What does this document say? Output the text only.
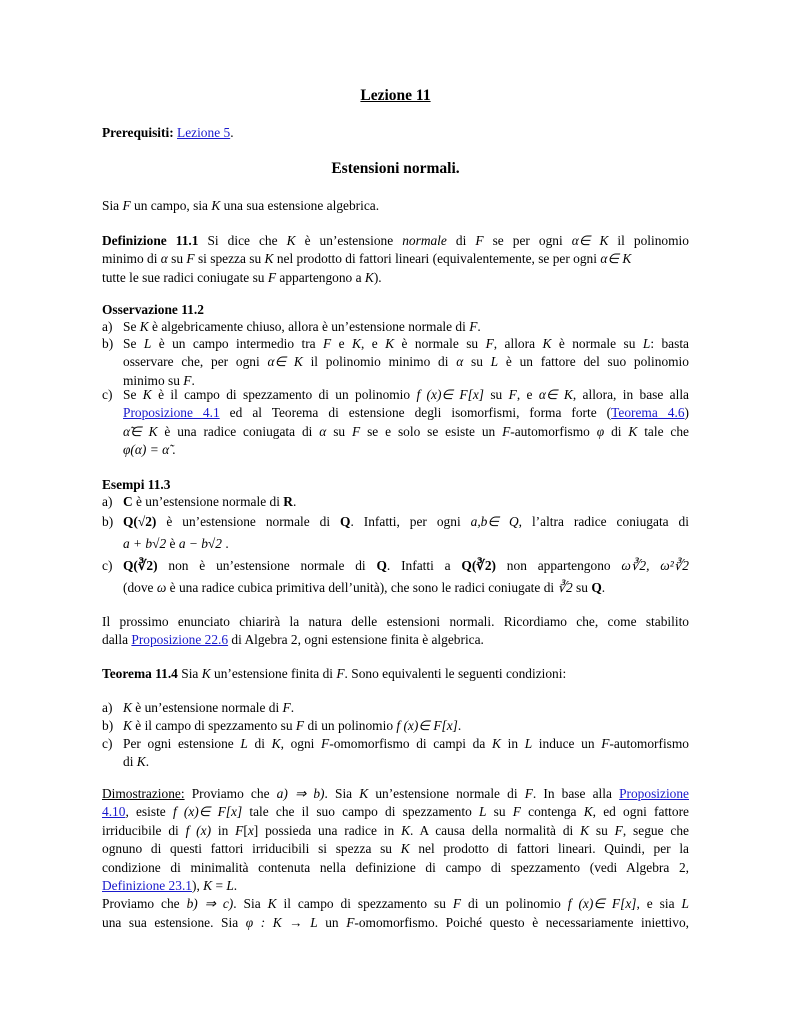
Lezione 11
Prerequisiti: Lezione 5.
Estensioni normali.
Sia F un campo, sia K una sua estensione algebrica.
Definizione 11.1 Si dice che K è un’estensione normale di F se per ogni α∈ K il polinomio
minimo di α su F si spezza su K nel prodotto di fattori lineari (equivalentemente, se per ogni α∈ K
tutte le sue radici coniugate su F appartengono a K).
Osservazione 11.2
a) Se K è algebricamente chiuso, allora è un’estensione normale di F.
b) Se L è un campo intermedio tra F e K, e K è normale su F, allora K è normale su L: basta
osservare che, per ogni α∈ K il polinomio minimo di α su L è un fattore del suo polinomio
minimo su F.
c) Se K è il campo di spezzamento di un polinomio f (x)∈ F[x] su F, e α∈ K, allora, in base alla
Proposizione 4.1 ed al Teorema di estensione degli isomorfismi, forma forte (Teorema 4.6)
α̃∈ K è una radice coniugata di α su F se e solo se esiste un F-automorfismo φ di K tale che
φ(α) = α̃ .
Esempi 11.3
a) C è un’estensione normale di R.
b) Q(√2) è un’estensione normale di Q. Infatti, per ogni a,b∈ Q, l’altra radice coniugata di
a + b√2 è a − b√2 .
c) Q(∛2) non è un’estensione normale di Q. Infatti a Q(∛2) non appartengono ω∛2, ω²∛2
(dove ω è una radice cubica primitiva dell’unità), che sono le radici coniugate di ∛2 su Q.
Il prossimo enunciato chiarirà la natura delle estensioni normali. Ricordiamo che, come stabilito
dalla Proposizione 22.6 di Algebra 2, ogni estensione finita è algebrica.
Teorema 11.4 Sia K un’estensione finita di F. Sono equivalenti le seguenti condizioni:
a) K è un’estensione normale di F.
b) K è il campo di spezzamento su F di un polinomio f (x)∈ F[x].
c) Per ogni estensione L di K, ogni F-omomorfismo di campi da K in L induce un F-automorfismo
di K.
Dimostrazione: Proviamo che a) ⇒ b). Sia K un’estensione normale di F. In base alla Proposizione
4.10, esiste f (x)∈ F[x] tale che il suo campo di spezzamento L su F contenga K, ed ogni fattore
irriducibile di f (x) in F[x] possieda una radice in K. A causa della normalità di K su F, segue che
ognuno di questi fattori irriducibili si spezza su K nel prodotto di fattori lineari. Quindi, per la
condizione di minimalità contenuta nella definizione di campo di spezzamento (vedi Algebra 2,
Definizione 23.1), K = L.
Proviamo che b) ⇒ c). Sia K il campo di spezzamento su F di un polinomio f (x)∈ F[x], e sia L
una sua estensione. Sia φ : K → L un F-omomorfismo. Poiché questo è necessariamente iniettivo,
